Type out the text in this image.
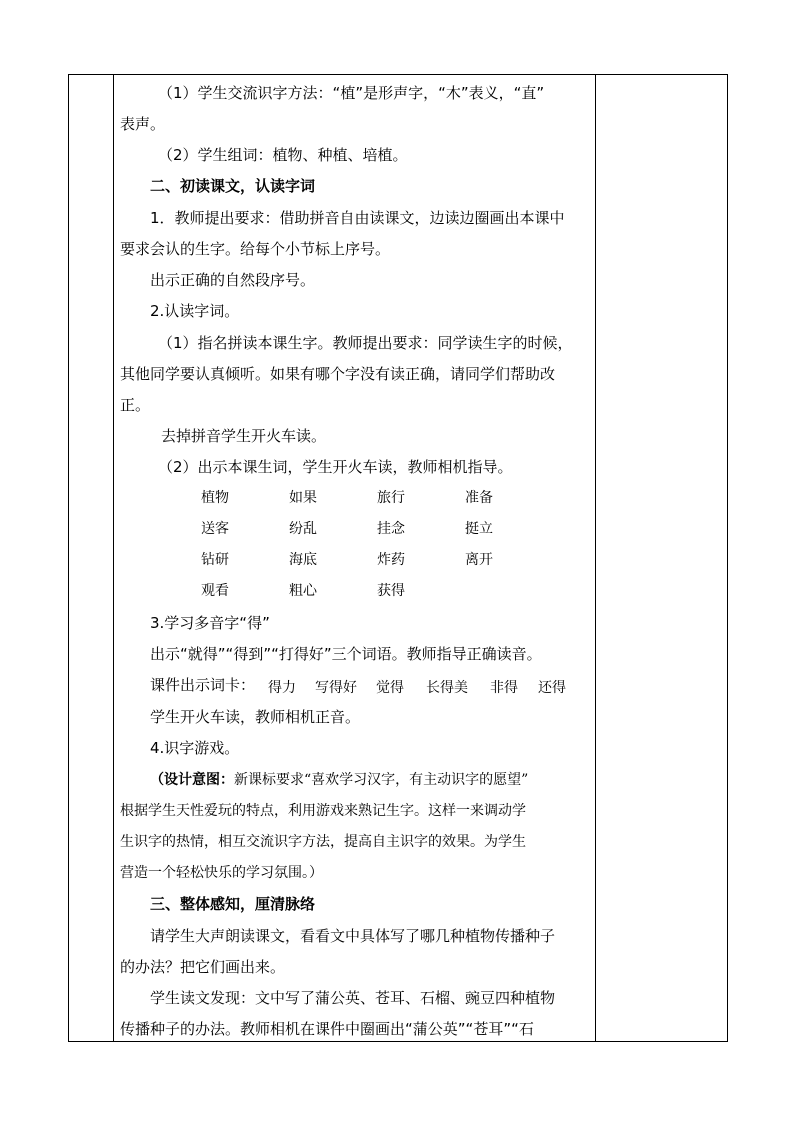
（1）学生交流识字方法：“植”是形声字，“木”表义，“直”
表声。
（2）学生组词：植物、种植、培植。
二、初读课文，认读字词
1．教师提出要求：借助拼音自由读课文，边读边圈画出本课中
要求会认的生字。给每个小节标上序号。
出示正确的自然段序号。
2.认读字词。
（1）指名拼读本课生字。教师提出要求：同学读生字的时候，
其他同学要认真倾听。如果有哪个字没有读正确，请同学们帮助改
正。
去掉拼音学生开火车读。
（2）出示本课生词，学生开火车读，教师相机指导。
植物	如果	旅行	准备
送客	纷乱	挂念	挺立
钻研	海底	炸药	离开
观看	粗心	获得
3.学习多音字“得”
出示“就得”“得到”“打得好”三个词语。教师指导正确读音。
课件出示词卡： 得力 写得好 觉得 长得美 非得 还得
学生开火车读，教师相机正音。
4.识字游戏。
（设计意图：新课标要求“喜欢学习汉字，有主动识字的愿望”
根据学生天性爱玩的特点，利用游戏来熟记生字。这样一来调动学
生识字的热情，相互交流识字方法，提高自主识字的效果。为学生
营造一个轻松快乐的学习氛围。）
三、整体感知，厘清脉络
请学生大声朗读课文，看看文中具体写了哪几种植物传播种子
的办法？把它们画出来。
学生读文发现：文中写了蒲公英、苍耳、石榴、豌豆四种植物
传播种子的办法。教师相机在课件中圈画出“蒲公英”“苍耳”“石
